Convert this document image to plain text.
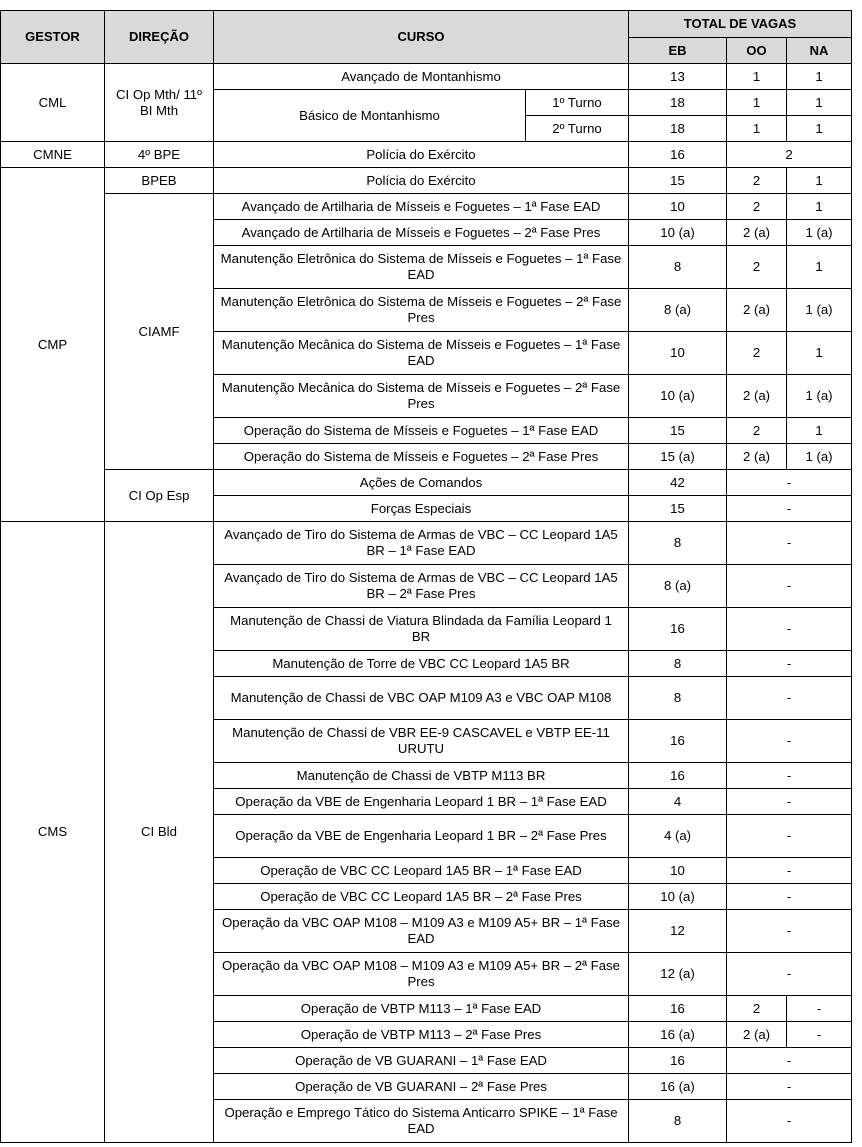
GESTOR	DIREÇÃO	CURSO		TOTAL DE VAGAS		
				EB	OO	NA
CML	CI Op Mth/ 11º BI Mth	Avançado de Montanhismo		13	1	1
		Básico de Montanhismo	1º Turno	18	1	1
			2º Turno	18	1	1
CMNE	4º BPE	Polícia do Exército		16	2	
CMP	BPEB	Polícia do Exército		15	2	1
	CIAMF	Avançado de Artilharia de Mísseis e Foguetes – 1ª Fase EAD		10	2	1
		Avançado de Artilharia de Mísseis e Foguetes – 2ª Fase Pres		10 (a)	2 (a)	1 (a)
		Manutenção Eletrônica do Sistema de Mísseis e Foguetes – 1ª Fase EAD		8	2	1
		Manutenção Eletrônica do Sistema de Mísseis e Foguetes – 2ª Fase Pres		8 (a)	2 (a)	1 (a)
		Manutenção Mecânica do Sistema de Mísseis e Foguetes – 1ª Fase EAD		10	2	1
		Manutenção Mecânica do Sistema de Mísseis e Foguetes – 2ª Fase Pres		10 (a)	2 (a)	1 (a)
		Operação do Sistema de Mísseis e Foguetes – 1ª Fase EAD		15	2	1
		Operação do Sistema de Mísseis e Foguetes – 2ª Fase Pres		15 (a)	2 (a)	1 (a)
	CI Op Esp	Ações de Comandos		42	-	
		Forças Especiais		15	-	
CMS	CI Bld	Avançado de Tiro do Sistema de Armas de VBC – CC Leopard 1A5 BR – 1ª Fase EAD		8	-	
		Avançado de Tiro do Sistema de Armas de VBC – CC Leopard 1A5 BR – 2ª Fase Pres		8 (a)	-	
		Manutenção de Chassi de Viatura Blindada da Família Leopard 1 BR		16	-	
		Manutenção de Torre de VBC CC Leopard 1A5 BR		8	-	
		Manutenção de Chassi de VBC OAP M109 A3 e VBC OAP M108		8	-	
		Manutenção de Chassi de VBR EE-9 CASCAVEL e VBTP EE-11 URUTU		16	-	
		Manutenção de Chassi de VBTP M113 BR		16	-	
		Operação da VBE de Engenharia Leopard 1 BR – 1ª Fase EAD		4	-	
		Operação da VBE de Engenharia Leopard 1 BR – 2ª Fase Pres		4 (a)	-	
		Operação de VBC CC Leopard 1A5 BR – 1ª Fase EAD		10	-	
		Operação de VBC CC Leopard 1A5 BR – 2ª Fase Pres		10 (a)	-	
		Operação da VBC OAP M108 – M109 A3 e M109 A5+ BR – 1ª Fase EAD		12	-	
		Operação da VBC OAP M108 – M109 A3 e M109 A5+ BR – 2ª Fase Pres		12 (a)	-	
		Operação de VBTP M113 – 1ª Fase EAD		16	2	-
		Operação de VBTP M113 – 2ª Fase Pres		16 (a)	2 (a)	-
		Operação de VB GUARANI – 1ª Fase EAD		16	-	
		Operação de VB GUARANI – 2ª Fase Pres		16 (a)	-	
		Operação e Emprego Tático do Sistema Anticarro SPIKE – 1ª Fase EAD		8	-	
